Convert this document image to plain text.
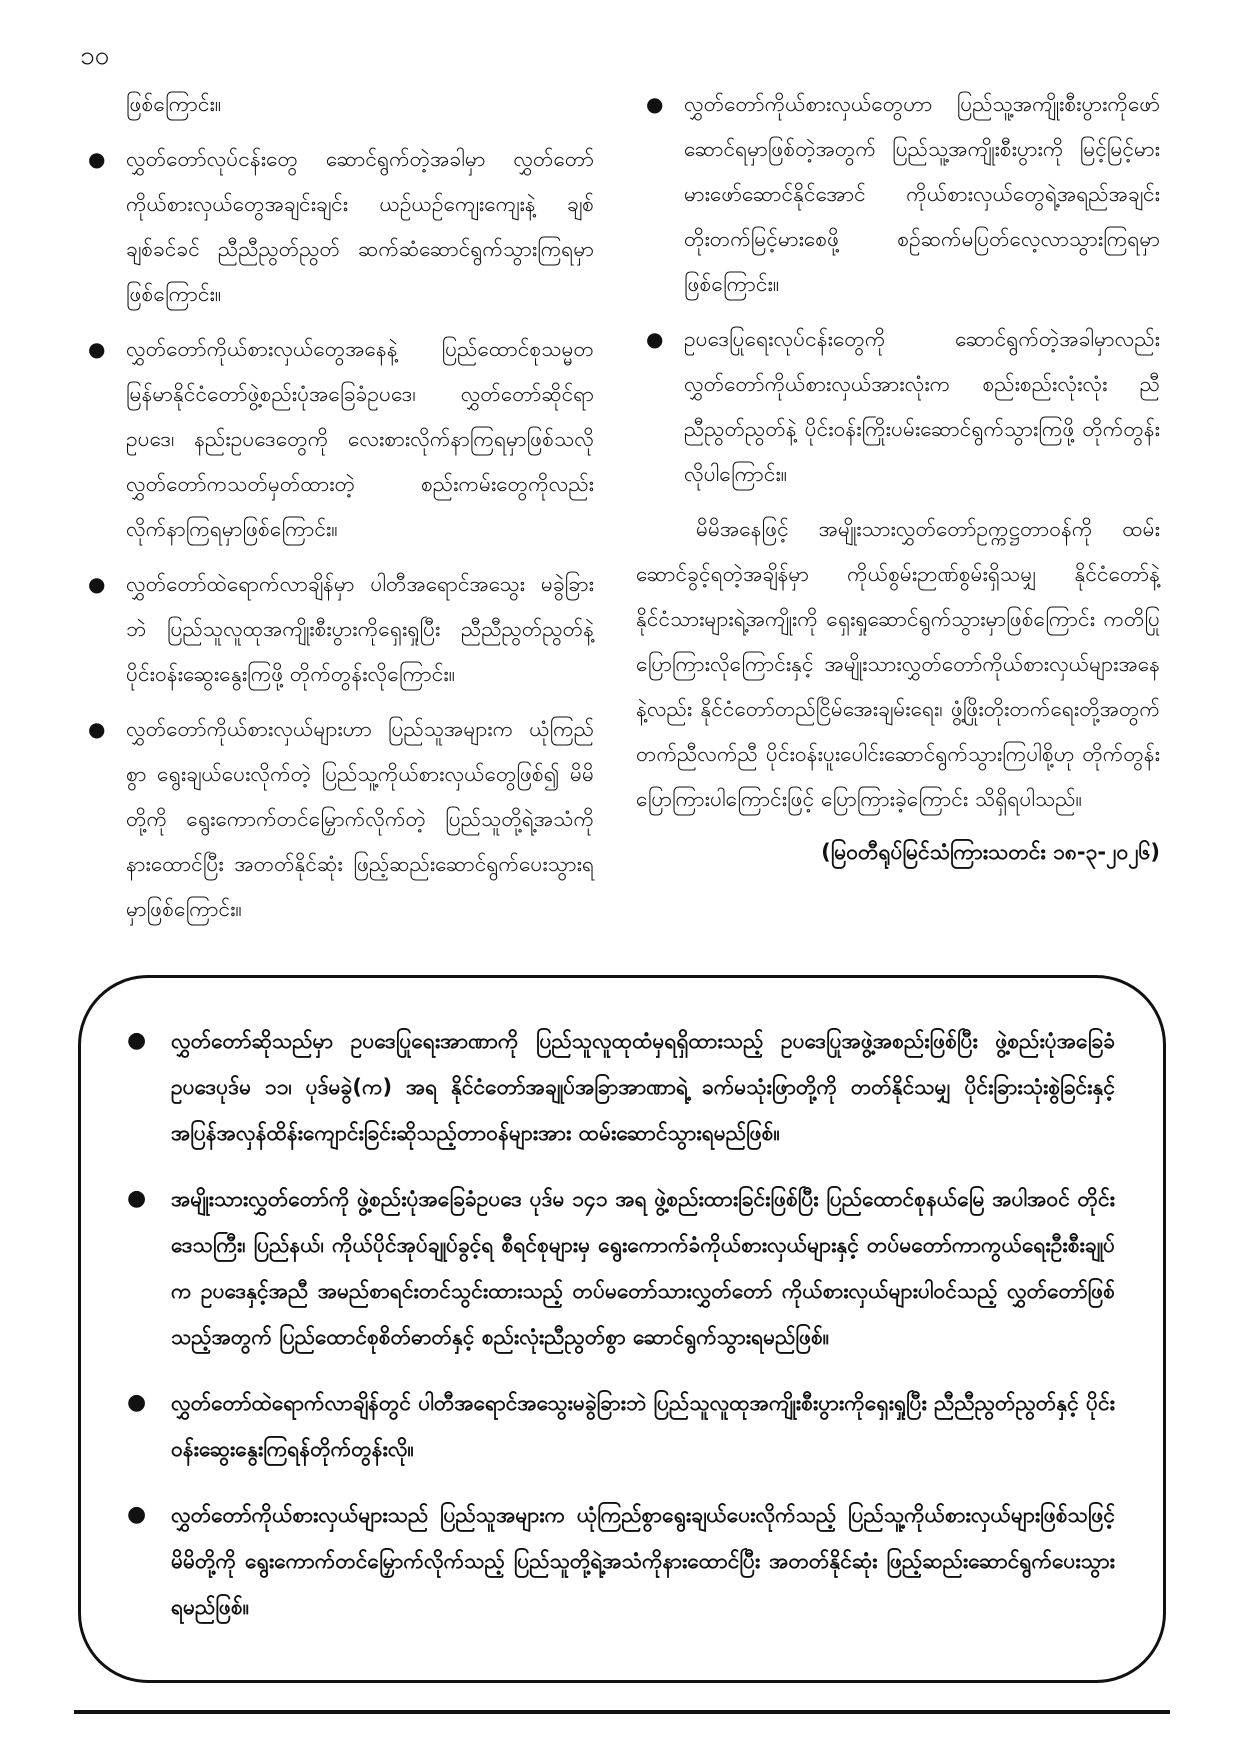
၁၀
ဖြစ်ကြောင်း။
● လွှတ်တော်လုပ်ငန်းတွေ ဆောင်ရွက်တဲ့အခါမှာ လွှတ်တော်ကိုယ်စားလှယ်တွေအချင်းချင်း ယဉ်ယဉ်ကျေးကျေးနဲ့ ချစ်ချစ်ခင်ခင် ညီညီညွတ်ညွတ် ဆက်ဆံဆောင်ရွက်သွားကြရမှာဖြစ်ကြောင်း။
● လွှတ်တော်ကိုယ်စားလှယ်တွေအနေနဲ့ ပြည်ထောင်စုသမ္မတမြန်မာနိုင်ငံတော်ဖွဲ့စည်းပုံအခြေခံဥပဒေ၊ လွှတ်တော်ဆိုင်ရာဥပဒေ၊ နည်းဥပဒေတွေကို လေးစားလိုက်နာကြရမှာဖြစ်သလို လွှတ်တော်ကသတ်မှတ်ထားတဲ့ စည်းကမ်းတွေကိုလည်း လိုက်နာကြရမှာဖြစ်ကြောင်း။
● လွှတ်တော်ထဲရောက်လာချိန်မှာ ပါတီအရောင်အသွေး မခွဲခြားဘဲ ပြည်သူလူထုအကျိုးစီးပွားကိုရှေးရှုပြီး ညီညီညွတ်ညွတ်နဲ့ ပိုင်းဝန်းဆွေးနွေးကြဖို့ တိုက်တွန်းလိုကြောင်း။
● လွှတ်တော်ကိုယ်စားလှယ်များဟာ ပြည်သူအများက ယုံကြည်စွာ ရွေးချယ်ပေးလိုက်တဲ့ ပြည်သူ့ကိုယ်စားလှယ်တွေဖြစ်၍ မိမိတို့ကို ရွေးကောက်တင်မြှောက်လိုက်တဲ့ ပြည်သူတို့ရဲ့အသံကိုနားထောင်ပြီး အတတ်နိုင်ဆုံး ဖြည့်ဆည်းဆောင်ရွက်ပေးသွားရမှာဖြစ်ကြောင်း။
● လွှတ်တော်ကိုယ်စားလှယ်တွေဟာ ပြည်သူ့အကျိုးစီးပွားကိုဖော်ဆောင်ရမှာဖြစ်တဲ့အတွက် ပြည်သူ့အကျိုးစီးပွားကို မြင့်မြင့်မားမားဖော်ဆောင်နိုင်အောင် ကိုယ်စားလှယ်တွေရဲ့အရည်အချင်းတိုးတက်မြင့်မားစေဖို့ စဉ်ဆက်မပြတ်လေ့လာသွားကြရမှာဖြစ်ကြောင်း။
● ဥပဒေပြုရေးလုပ်ငန်းတွေကို ဆောင်ရွက်တဲ့အခါမှာလည်း လွှတ်တော်ကိုယ်စားလှယ်အားလုံးက စည်းစည်းလုံးလုံး ညီညီညွတ်ညွတ်နဲ့ ပိုင်းဝန်းကြိုးပမ်းဆောင်ရွက်သွားကြဖို့ တိုက်တွန်းလိုပါကြောင်း။
မိမိအနေဖြင့် အမျိုးသားလွှတ်တော်ဥက္ကဋ္ဌတာဝန်ကို ထမ်းဆောင်ခွင့်ရတဲ့အချိန်မှာ ကိုယ်စွမ်းဉာဏ်စွမ်းရှိသမျှ နိုင်ငံတော်နဲ့နိုင်ငံသားများရဲ့အကျိုးကို ရှေးရှုဆောင်ရွက်သွားမှာဖြစ်ကြောင်း ကတိပြုပြောကြားလိုကြောင်းနှင့် အမျိုးသားလွှတ်တော်ကိုယ်စားလှယ်များအနေနဲ့လည်း နိုင်ငံတော်တည်ငြိမ်အေးချမ်းရေး၊ ဖွံ့ဖြိုးတိုးတက်ရေးတို့အတွက် တက်ညီလက်ညီ ပိုင်းဝန်းပူးပေါင်းဆောင်ရွက်သွားကြပါစို့ဟု တိုက်တွန်းပြောကြားပါကြောင်းဖြင့် ပြောကြားခဲ့ကြောင်း သိရှိရပါသည်။
(မြဝတီရုပ်မြင်သံကြားသတင်း ၁၈-၃-၂၀၂၆)
● လွှတ်တော်ဆိုသည်မှာ ဥပဒေပြုရေးအာဏာကို ပြည်သူလူထုထံမှရရှိထားသည့် ဥပဒေပြုအဖွဲ့အစည်းဖြစ်ပြီး ဖွဲ့စည်းပုံအခြေခံဥပဒေပုဒ်မ ၁၁၊ ပုဒ်မခွဲ(က) အရ နိုင်ငံတော်အချုပ်အခြာအာဏာရဲ့ ခက်မသုံးဖြာတို့ကို တတ်နိုင်သမျှ ပိုင်းခြားသုံးစွဲခြင်းနှင့် အပြန်အလှန်ထိန်းကျောင်းခြင်းဆိုသည့်တာဝန်များအား ထမ်းဆောင်သွားရမည်ဖြစ်။
● အမျိုးသားလွှတ်တော်ကို ဖွဲ့စည်းပုံအခြေခံဥပဒေ ပုဒ်မ ၁၄၁ အရ ဖွဲ့စည်းထားခြင်းဖြစ်ပြီး ပြည်ထောင်စုနယ်မြေ အပါအဝင် တိုင်းဒေသကြီး၊ ပြည်နယ်၊ ကိုယ်ပိုင်အုပ်ချုပ်ခွင့်ရ စီရင်စုများမှ ရွေးကောက်ခံကိုယ်စားလှယ်များနှင့် တပ်မတော်ကာကွယ်ရေးဦးစီးချုပ်က ဥပဒေနှင့်အညီ အမည်စာရင်းတင်သွင်းထားသည့် တပ်မတော်သားလွှတ်တော် ကိုယ်စားလှယ်များပါဝင်သည့် လွှတ်တော်ဖြစ်သည့်အတွက် ပြည်ထောင်စုစိတ်ဓာတ်နှင့် စည်းလုံးညီညွတ်စွာ ဆောင်ရွက်သွားရမည်ဖြစ်။
● လွှတ်တော်ထဲရောက်လာချိန်တွင် ပါတီအရောင်အသွေးမခွဲခြားဘဲ ပြည်သူလူထုအကျိုးစီးပွားကိုရှေးရှုပြီး ညီညီညွတ်ညွတ်နှင့် ပိုင်းဝန်းဆွေးနွေးကြရန်တိုက်တွန်းလို။
● လွှတ်တော်ကိုယ်စားလှယ်များသည် ပြည်သူအများက ယုံကြည်စွာရွေးချယ်ပေးလိုက်သည့် ပြည်သူ့ကိုယ်စားလှယ်များဖြစ်သဖြင့် မိမိတို့ကို ရွေးကောက်တင်မြှောက်လိုက်သည့် ပြည်သူတို့ရဲ့အသံကိုနားထောင်ပြီး အတတ်နိုင်ဆုံး ဖြည့်ဆည်းဆောင်ရွက်ပေးသွားရမည်ဖြစ်။
